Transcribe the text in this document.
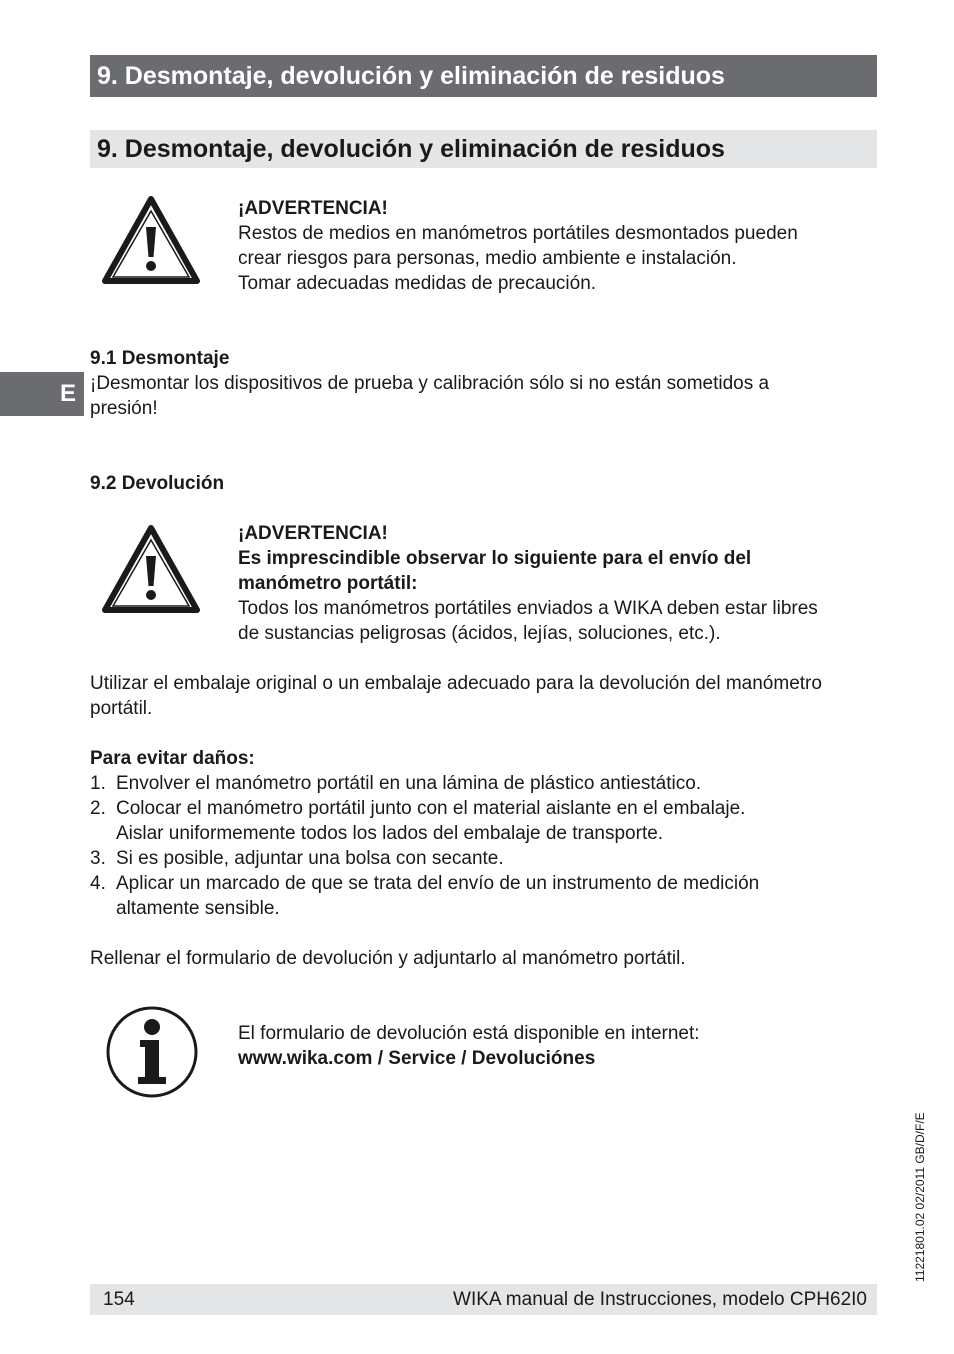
9. Desmontaje, devolución y eliminación de residuos
9. Desmontaje, devolución y eliminación de residuos
E
¡ADVERTENCIA!
Restos de medios en manómetros portátiles desmontados pueden
crear riesgos para personas, medio ambiente e instalación.
Tomar adecuadas medidas de precaución.
9.1 Desmontaje
¡Desmontar los dispositivos de prueba y calibración sólo si no están sometidos a
presión!
9.2 Devolución
¡ADVERTENCIA!
Es imprescindible observar lo siguiente para el envío del
manómetro portátil:
Todos los manómetros portátiles enviados a WIKA deben estar libres
de sustancias peligrosas (ácidos, lejías, soluciones, etc.).
Utilizar el embalaje original o un embalaje adecuado para la devolución del manómetro
portátil.
Para evitar daños:
1. Envolver el manómetro portátil en una lámina de plástico antiestático.
2. Colocar el manómetro portátil junto con el material aislante en el embalaje.
Aislar uniformemente todos los lados del embalaje de transporte.
3. Si es posible, adjuntar una bolsa con secante.
4. Aplicar un marcado de que se trata del envío de un instrumento de medición
altamente sensible.
Rellenar el formulario de devolución y adjuntarlo al manómetro portátil.
El formulario de devolución está disponible en internet:
www.wika.com / Service / Devoluciónes
11221801.02 02/2011 GB/D/F/E
154	WIKA manual de Instrucciones, modelo CPH62I0
